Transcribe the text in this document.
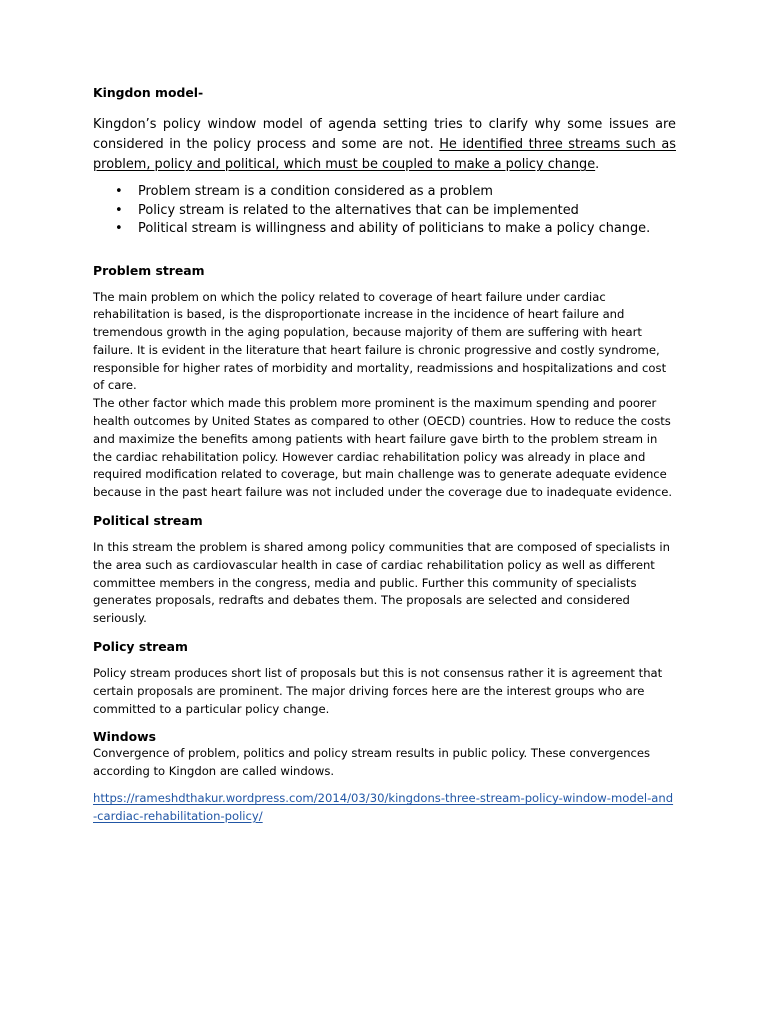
Kingdon model-

Kingdon’s policy window model of agenda setting tries to clarify why some issues are considered in the policy process and some are not. He identified three streams such as problem, policy and political, which must be coupled to make a policy change.

• Problem stream is a condition considered as a problem
• Policy stream is related to the alternatives that can be implemented
• Political stream is willingness and ability of politicians to make a policy change.

Problem stream

The main problem on which the policy related to coverage of heart failure under cardiac rehabilitation is based, is the disproportionate increase in the incidence of heart failure and tremendous growth in the aging population, because majority of them are suffering with heart failure. It is evident in the literature that heart failure is chronic progressive and costly syndrome, responsible for higher rates of morbidity and mortality, readmissions and hospitalizations and cost of care.

The other factor which made this problem more prominent is the maximum spending and poorer health outcomes by United States as compared to other (OECD) countries. How to reduce the costs and maximize the benefits among patients with heart failure gave birth to the problem stream in the cardiac rehabilitation policy. However cardiac rehabilitation policy was already in place and required modification related to coverage, but main challenge was to generate adequate evidence because in the past heart failure was not included under the coverage due to inadequate evidence.

Political stream

In this stream the problem is shared among policy communities that are composed of specialists in the area such as cardiovascular health in case of cardiac rehabilitation policy as well as different committee members in the congress, media and public. Further this community of specialists generates proposals, redrafts and debates them. The proposals are selected and considered seriously.

Policy stream

Policy stream produces short list of proposals but this is not consensus rather it is agreement that certain proposals are prominent. The major driving forces here are the interest groups who are committed to a particular policy change.

Windows

Convergence of problem, politics and policy stream results in public policy. These convergences according to Kingdon are called windows.

https://rameshdthakur.wordpress.com/2014/03/30/kingdons-three-stream-policy-window-model-and-cardiac-rehabilitation-policy/
